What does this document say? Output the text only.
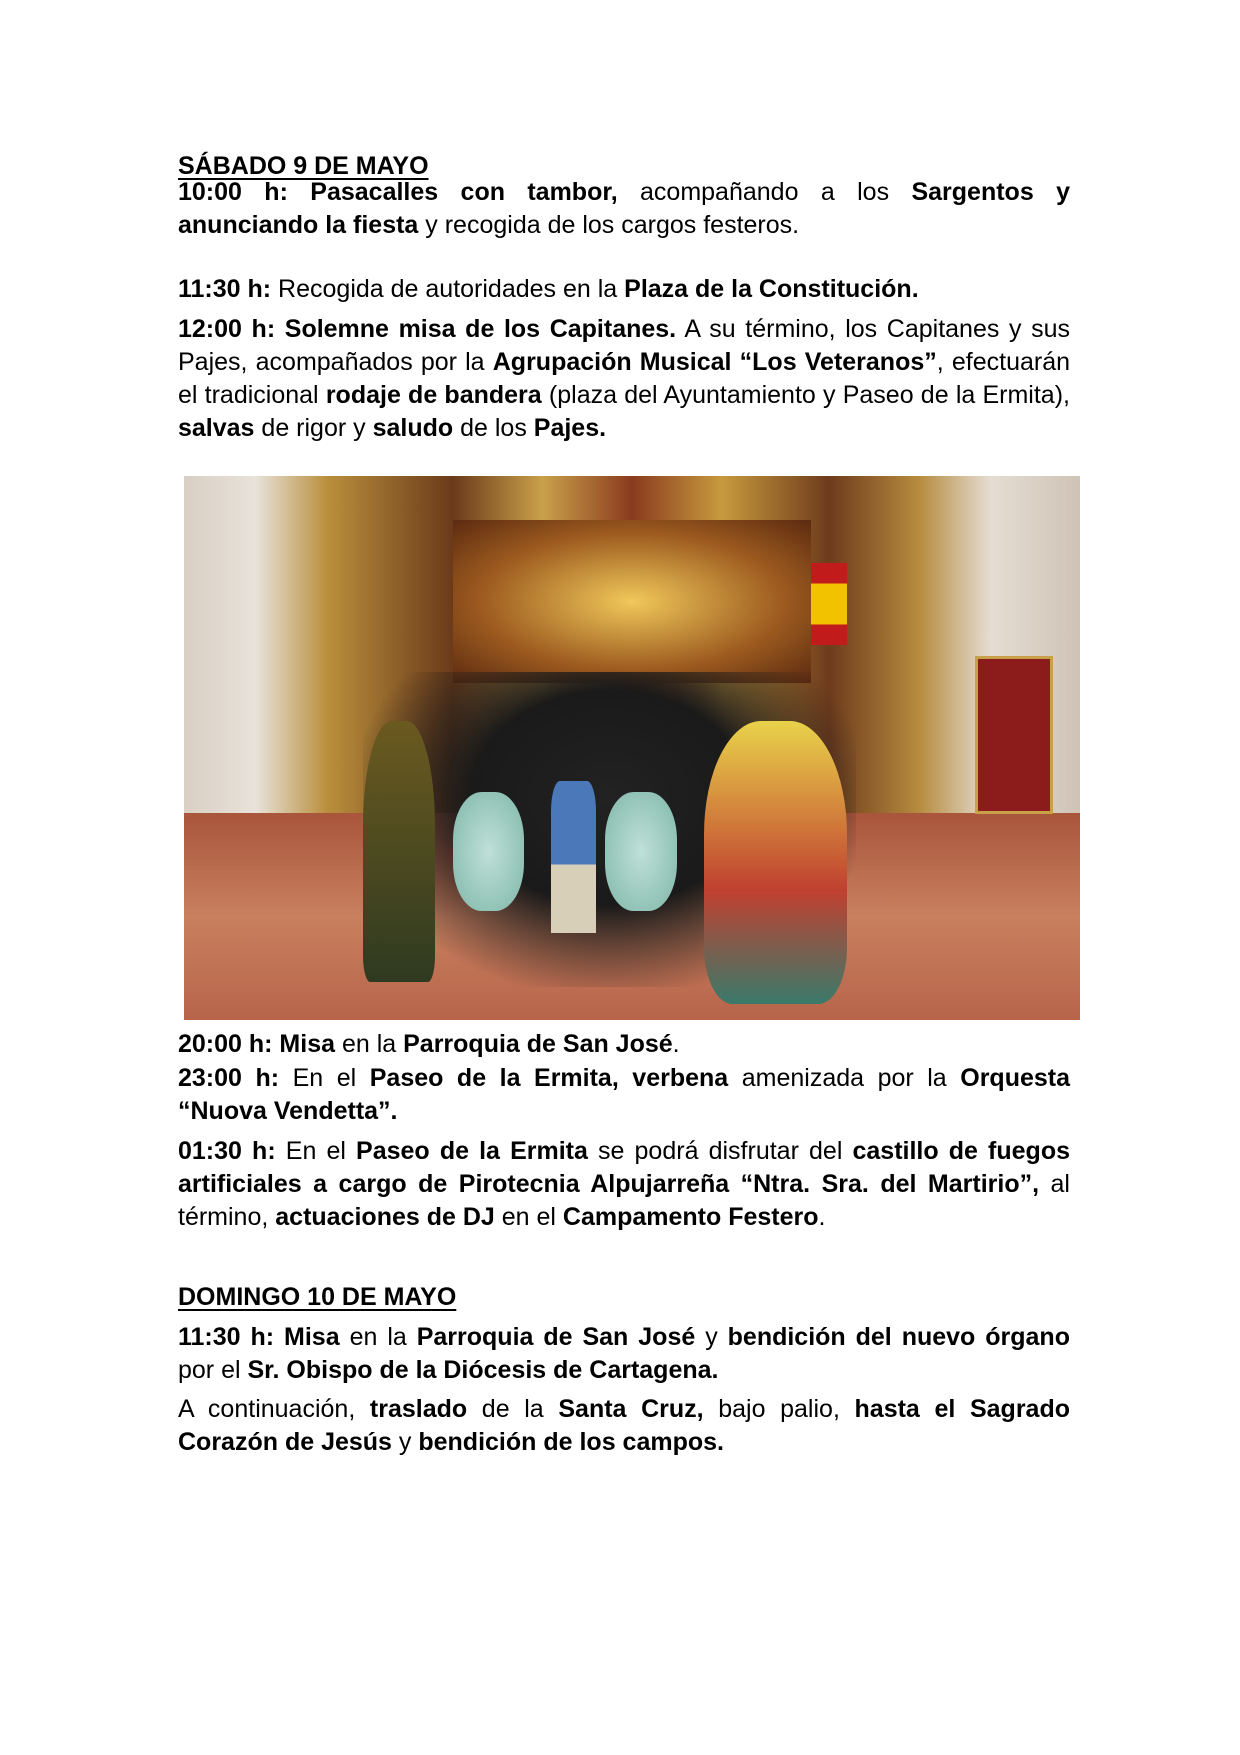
SÁBADO 9 DE MAYO
10:00 h: Pasacalles con tambor, acompañando a los Sargentos y anunciando la fiesta y recogida de los cargos festeros.
11:30 h: Recogida de autoridades en la Plaza de la Constitución.
12:00 h: Solemne misa de los Capitanes. A su término, los Capitanes y sus Pajes, acompañados por la Agrupación Musical “Los Veteranos”, efectuarán el tradicional rodaje de bandera (plaza del Ayuntamiento y Paseo de la Ermita), salvas de rigor y saludo de los Pajes.
20:00 h: Misa en la Parroquia de San José.
23:00 h: En el Paseo de la Ermita, verbena amenizada por la Orquesta “Nuova Vendetta”.
01:30 h: En el Paseo de la Ermita se podrá disfrutar del castillo de fuegos artificiales a cargo de Pirotecnia Alpujarreña “Ntra. Sra. del Martirio”, al término, actuaciones de DJ en el Campamento Festero.
DOMINGO 10 DE MAYO
11:30 h: Misa en la Parroquia de San José y bendición del nuevo órgano por el Sr. Obispo de la Diócesis de Cartagena.
A continuación, traslado de la Santa Cruz, bajo palio, hasta el Sagrado Corazón de Jesús y bendición de los campos.
